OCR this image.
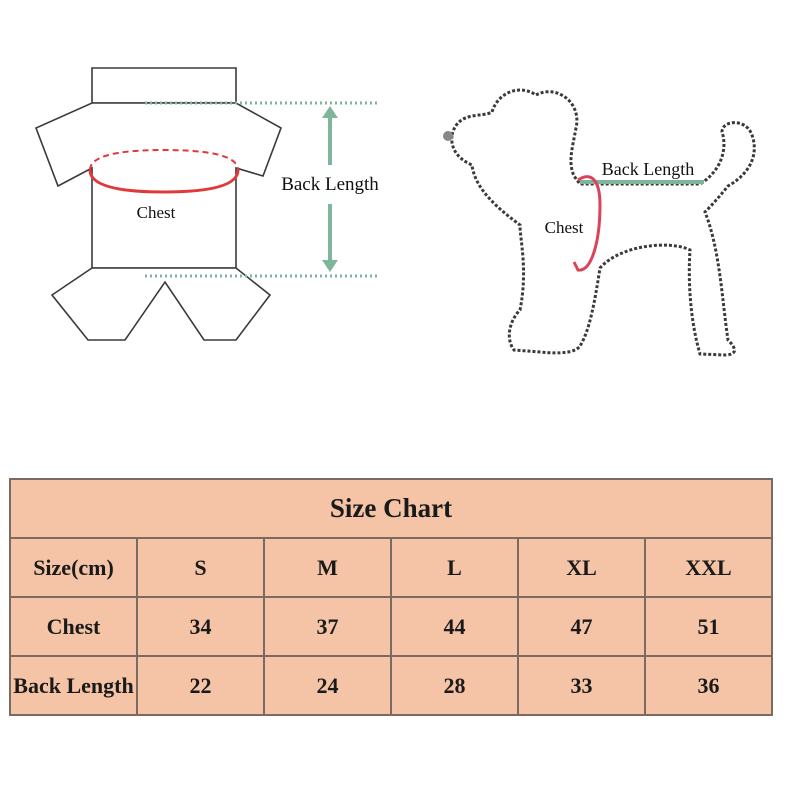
Chest
Back Length
Back Length
Chest
Size Chart					
Size(cm)	S	M	L	XL	XXL
Chest	34	37	44	47	51
Back Length	22	24	28	33	36
